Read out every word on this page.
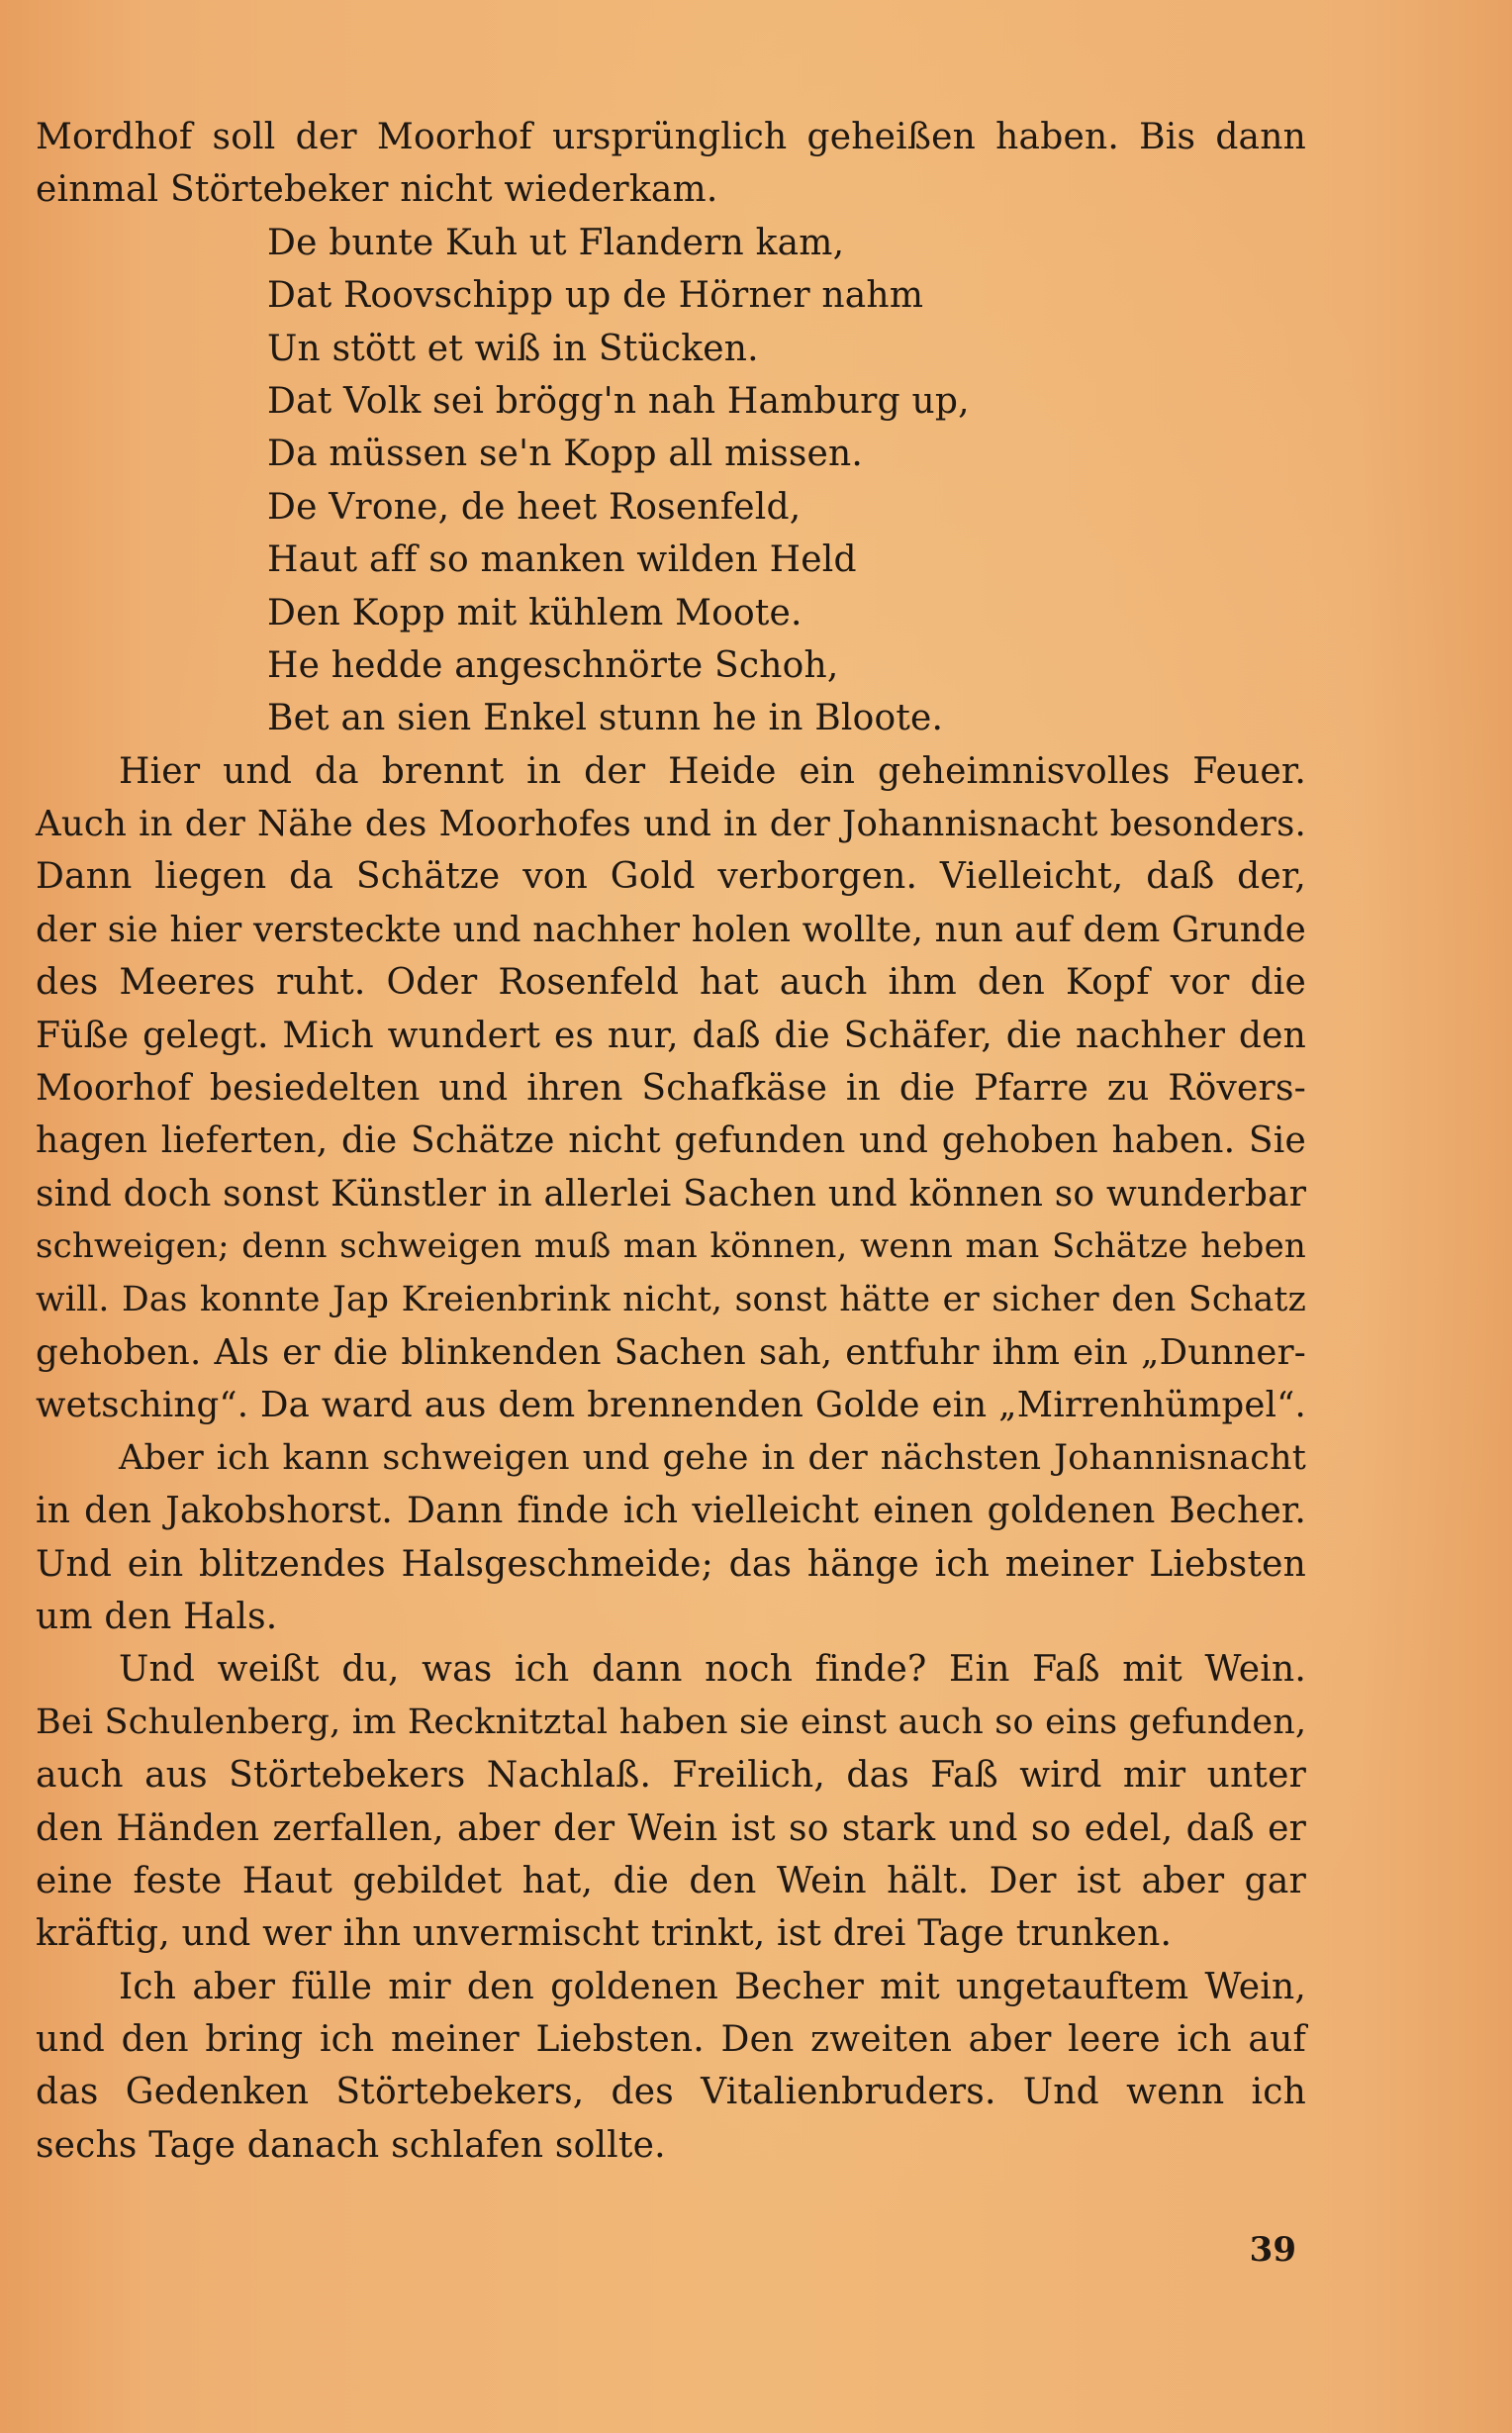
Mordhof soll der Moorhof ursprünglich geheißen haben. Bis dann
einmal Störtebeker nicht wiederkam.
De bunte Kuh ut Flandern kam,
Dat Roovschipp up de Hörner nahm
Un stött et wiß in Stücken.
Dat Volk sei brögg'n nah Hamburg up,
Da müssen se'n Kopp all missen.
De Vrone, de heet Rosenfeld,
Haut aff so manken wilden Held
Den Kopp mit kühlem Moote.
He hedde angeschnörte Schoh,
Bet an sien Enkel stunn he in Bloote.
Hier und da brennt in der Heide ein geheimnisvolles Feuer.
Auch in der Nähe des Moorhofes und in der Johannisnacht besonders.
Dann liegen da Schätze von Gold verborgen. Vielleicht, daß der,
der sie hier versteckte und nachher holen wollte, nun auf dem Grunde
des Meeres ruht. Oder Rosenfeld hat auch ihm den Kopf vor die
Füße gelegt. Mich wundert es nur, daß die Schäfer, die nachher den
Moorhof besiedelten und ihren Schafkäse in die Pfarre zu Rövers-
hagen lieferten, die Schätze nicht gefunden und gehoben haben. Sie
sind doch sonst Künstler in allerlei Sachen und können so wunderbar
schweigen; denn schweigen muß man können, wenn man Schätze heben
will. Das konnte Jap Kreienbrink nicht, sonst hätte er sicher den Schatz
gehoben. Als er die blinkenden Sachen sah, entfuhr ihm ein „Dunner-
wetsching“. Da ward aus dem brennenden Golde ein „Mirrenhümpel“.
Aber ich kann schweigen und gehe in der nächsten Johannisnacht
in den Jakobshorst. Dann finde ich vielleicht einen goldenen Becher.
Und ein blitzendes Halsgeschmeide; das hänge ich meiner Liebsten
um den Hals.
Und weißt du, was ich dann noch finde? Ein Faß mit Wein.
Bei Schulenberg, im Recknitztal haben sie einst auch so eins gefunden,
auch aus Störtebekers Nachlaß. Freilich, das Faß wird mir unter
den Händen zerfallen, aber der Wein ist so stark und so edel, daß er
eine feste Haut gebildet hat, die den Wein hält. Der ist aber gar
kräftig, und wer ihn unvermischt trinkt, ist drei Tage trunken.
Ich aber fülle mir den goldenen Becher mit ungetauftem Wein,
und den bring ich meiner Liebsten. Den zweiten aber leere ich auf
das Gedenken Störtebekers, des Vitalienbruders. Und wenn ich
sechs Tage danach schlafen sollte.
39
